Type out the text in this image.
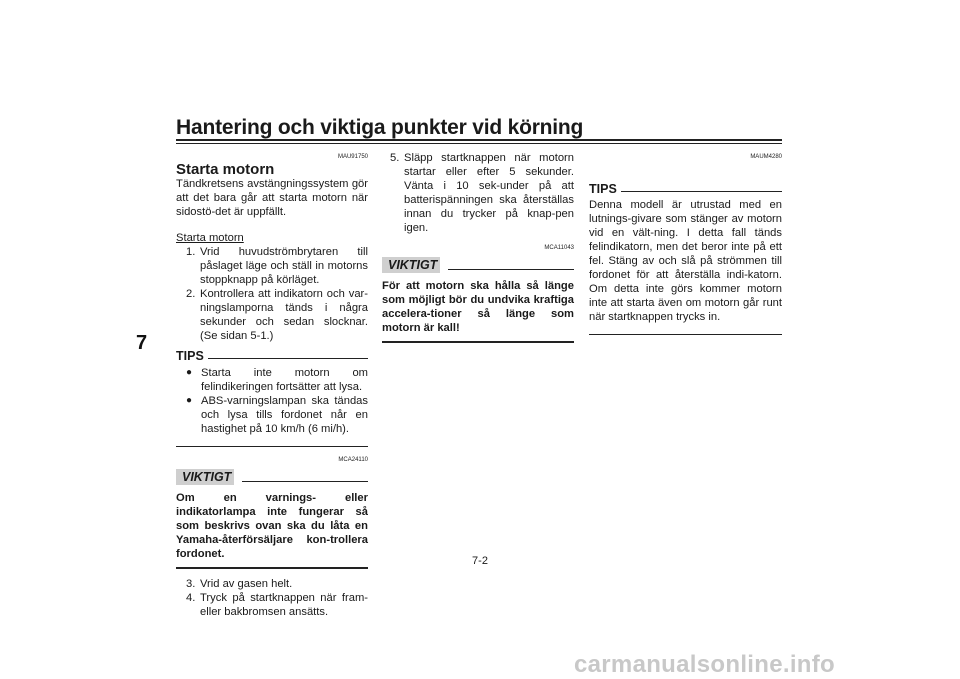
Hantering och viktiga punkter vid körning
7
MAU91750
Starta motorn
Tändkretsens avstängningssystem gör att det bara går att starta motorn när sidostö-det är uppfällt.
Starta motorn
1. Vrid huvudströmbrytaren till påslaget läge och ställ in motorns stoppknapp på körläget.
2. Kontrollera att indikatorn och var-ningslamporna tänds i några sekunder och sedan slocknar. (Se sidan 5-1.)
TIPS
● Starta inte motorn om felindikeringen fortsätter att lysa.
● ABS-varningslampan ska tändas och lysa tills fordonet når en hastighet på 10 km/h (6 mi/h).
MCA24110
VIKTIGT
Om en varnings- eller indikatorlampa inte fungerar så som beskrivs ovan ska du låta en Yamaha-återförsäljare kon-trollera fordonet.
3. Vrid av gasen helt.
4. Tryck på startknappen när fram- eller bakbromsen ansätts.
5. Släpp startknappen när motorn startar eller efter 5 sekunder. Vänta i 10 sek-under på att batterispänningen ska återställas innan du trycker på knap-pen igen.
MCA11043
VIKTIGT
För att motorn ska hålla så länge som möjligt bör du undvika kraftiga accelera-tioner så länge som motorn är kall!
MAUM4280
TIPS
Denna modell är utrustad med en lutnings-givare som stänger av motorn vid en vält-ning. I detta fall tänds felindikatorn, men det beror inte på ett fel. Stäng av och slå på strömmen till fordonet för att återställa indi-katorn. Om detta inte görs kommer motorn inte att starta även om motorn går runt när startknappen trycks in.
7-2
carmanualsonline.info
